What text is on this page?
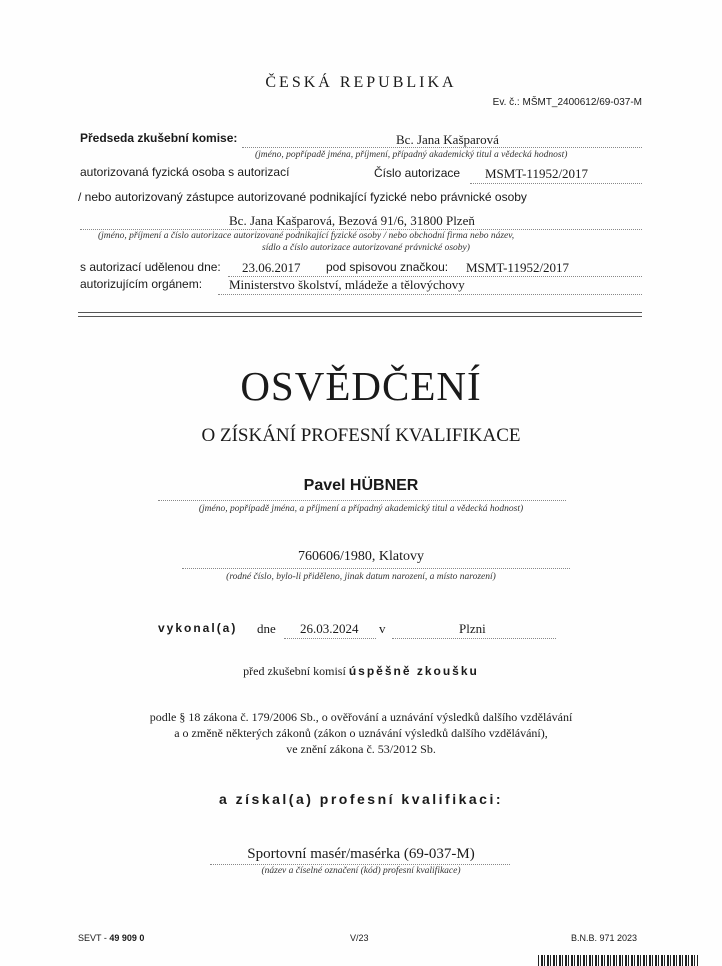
ČESKÁ REPUBLIKA
Ev. č.: MŠMT_2400612/69-037-M
Předseda zkušební komise:	Bc. Jana Kašparová
(jméno, popřípadě jména, příjmení, případný akademický titul a vědecká hodnost)
autorizovaná fyzická osoba s autorizací	Číslo autorizace MSMT-11952/2017
/ nebo autorizovaný zástupce autorizované podnikající fyzické nebo právnické osoby
Bc. Jana Kašparová, Bezová 91/6, 31800 Plzeň
(jméno, příjmení a číslo autorizace autorizované podnikající fyzické osoby / nebo obchodní firma nebo název,
sídlo a číslo autorizace autorizované právnické osoby)
s autorizací udělenou dne: 23.06.2017 pod spisovou značkou: MSMT-11952/2017
autorizujícím orgánem: Ministerstvo školství, mládeže a tělovýchovy
OSVĚDČENÍ
O ZÍSKÁNÍ PROFESNÍ KVALIFIKACE
Pavel HÜBNER
(jméno, popřípadě jména, a příjmení a případný akademický titul a vědecká hodnost)
760606/1980, Klatovy
(rodné číslo, bylo-li přiděleno, jinak datum narození, a místo narození)
vykonal(a) dne 26.03.2024 v	Plzni
před zkušební komisí úspěšně zkoušku
podle § 18 zákona č. 179/2006 Sb., o ověřování a uznávání výsledků dalšího vzdělávání
a o změně některých zákonů (zákon o uznávání výsledků dalšího vzdělávání),
ve znění zákona č. 53/2012 Sb.
a získal(a) profesní kvalifikaci:
Sportovní masér/masérka (69-037-M)
(název a číselné označení (kód) profesní kvalifikace)
SEVT - 49 909 0	V/23	B.N.B. 971 2023
